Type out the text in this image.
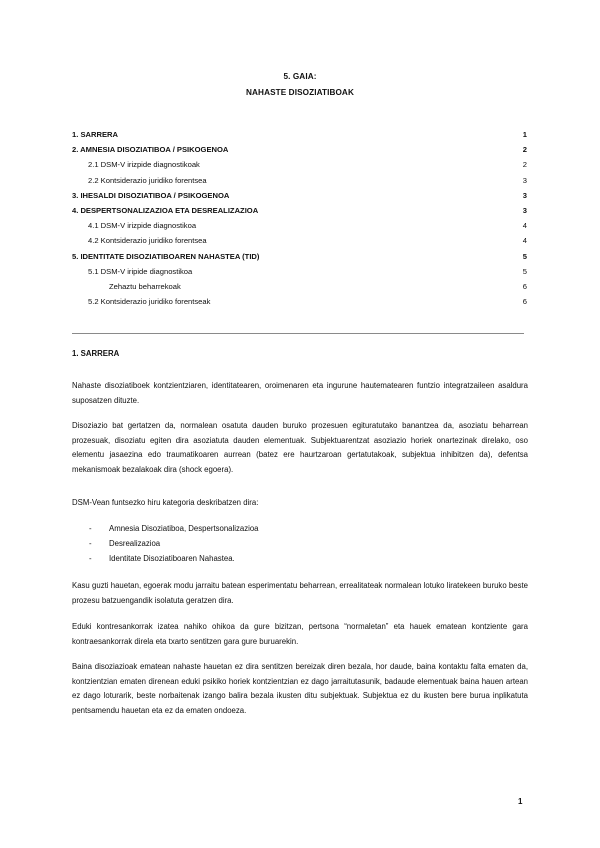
5. GAIA:
NAHASTE DISOZIATIBOAK
1. SARRERA	1
2. AMNESIA DISOZIATIBOA / PSIKOGENOA	2
2.1 DSM-V irizpide diagnostikoak	2
2.2 Kontsiderazio juridiko forentsea	3
3. IHESALDI DISOZIATIBOA / PSIKOGENOA	3
4. DESPERTSONALIZAZIOA ETA DESREALIZAZIOA	3
4.1 DSM-V irizpide diagnostikoa	4
4.2 Kontsiderazio juridiko forentsea	4
5. IDENTITATE DISOZIATIBOAREN NAHASTEA (TID)	5
5.1 DSM-V iripide diagnostikoa	5
Zehaztu beharrekoak	6
5.2 Kontsiderazio juridiko forentseak	6
1. SARRERA
Nahaste disoziatiboek kontzientziaren, identitatearen, oroimenaren eta ingurune hautematearen funtzio integratzaileen asaldura suposatzen dituzte.
Disoziazio bat gertatzen da, normalean osatuta dauden buruko prozesuen egituratutako banantzea da, asoziatu beharrean prozesuak, disoziatu egiten dira asoziatuta dauden elementuak. Subjektuarentzat asoziazio horiek onartezinak direlako, oso elementu jasaezina edo traumatikoaren aurrean (batez ere haurtzaroan gertatutakoak, subjektua inhibitzen da), defentsa mekanismoak bezalakoak dira (shock egoera).
DSM-Vean funtsezko hiru kategoria deskribatzen dira:
- Amnesia Disoziatiboa, Despertsonalizazioa
- Desrealizazioa
- Identitate Disoziatiboaren Nahastea.
Kasu guzti hauetan, egoerak modu jarraitu batean esperimentatu beharrean, errealitateak normalean lotuko liratekeen buruko beste prozesu batzuengandik isolatuta geratzen dira.
Eduki kontresankorrak izatea nahiko ohikoa da gure bizitzan, pertsona “normaletan” eta hauek ematean kontziente gara kontraesankorrak direla eta txarto sentitzen gara gure buruarekin.
Baina disoziazioak ematean nahaste hauetan ez dira sentitzen bereizak diren bezala, hor daude, baina kontaktu falta ematen da, kontzientzian ematen direnean eduki psikiko horiek kontzientzian ez dago jarraitutasunik, badaude elementuak baina hauen artean ez dago loturarik, beste norbaitenak izango balira bezala ikusten ditu subjektuak. Subjektua ez du ikusten bere burua inplikatuta pentsamendu hauetan eta ez da ematen ondoeza.
1
